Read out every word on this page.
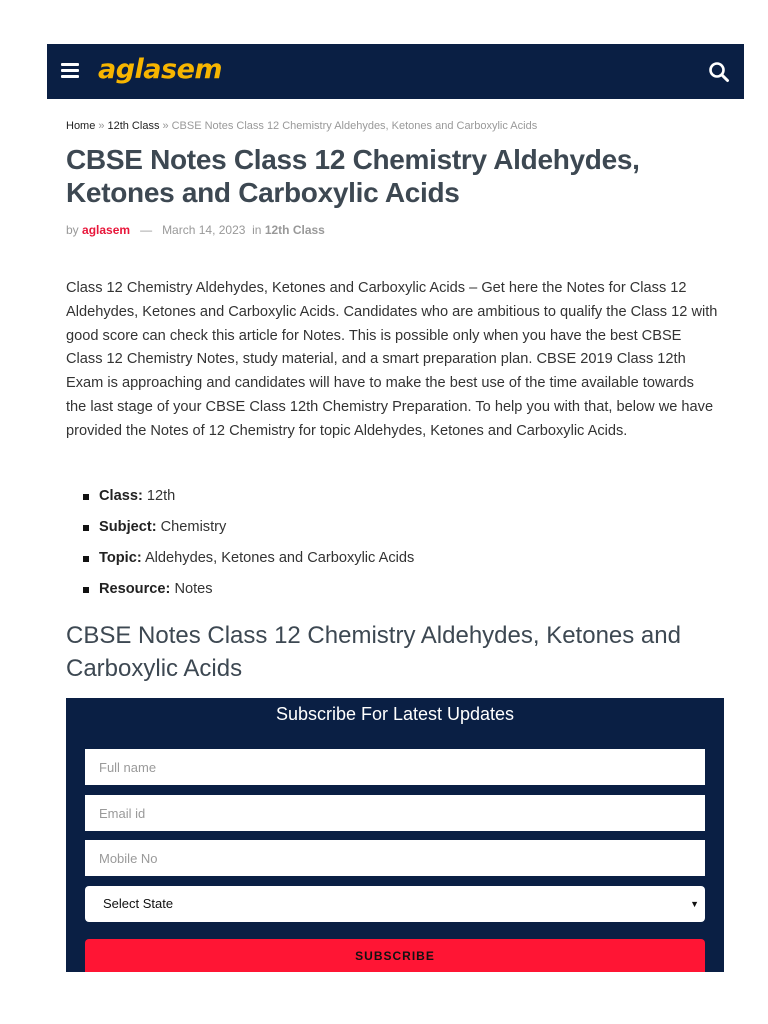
aglasem
Home » 12th Class » CBSE Notes Class 12 Chemistry Aldehydes, Ketones and Carboxylic Acids
CBSE Notes Class 12 Chemistry Aldehydes, Ketones and Carboxylic Acids
by aglasem — March 14, 2023 in 12th Class

Class 12 Chemistry Aldehydes, Ketones and Carboxylic Acids – Get here the Notes for Class 12 Aldehydes, Ketones and Carboxylic Acids. Candidates who are ambitious to qualify the Class 12 with good score can check this article for Notes. This is possible only when you have the best CBSE Class 12 Chemistry Notes, study material, and a smart preparation plan. CBSE 2019 Class 12th Exam is approaching and candidates will have to make the best use of the time available towards the last stage of your CBSE Class 12th Chemistry Preparation. To help you with that, below we have provided the Notes of 12 Chemistry for topic Aldehydes, Ketones and Carboxylic Acids.

Class: 12th
Subject: Chemistry
Topic: Aldehydes, Ketones and Carboxylic Acids
Resource: Notes
CBSE Notes Class 12 Chemistry Aldehydes, Ketones and Carboxylic Acids
Subscribe For Latest Updates
Full name
Email id
Mobile No
Select State	▼
SUBSCRIBE
